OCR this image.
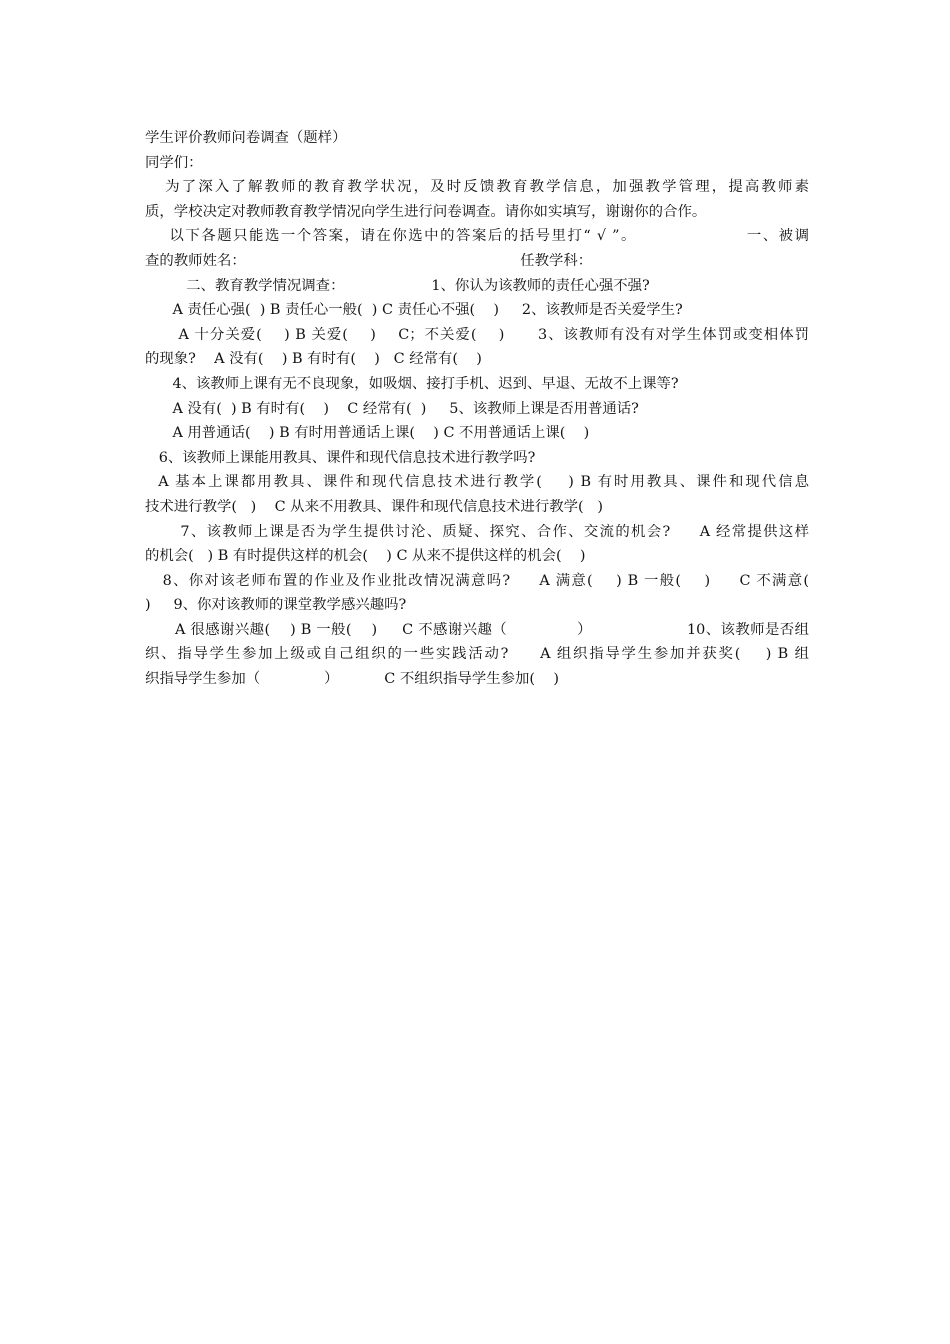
学生评价教师问卷调查（题样）
同学们：
为了深入了解教师的教育教学状况，及时反馈教育教学信息，加强教学管理，提高教师素
质，学校决定对教师教育教学情况向学生进行问卷调查。请你如实填写，谢谢你的合作。
以下各题只能选一个答案，请在你选中的答案后的括号里打“ √ ”。                  一、被调
查的教师姓名：                                                            任教学科：
二、教育教学情况调查：                   1、你认为该教师的责任心强不强?
A 责任心强(  ) B 责任心一般(  ) C 责任心不强(    )     2、该教师是否关爱学生?
A 十分关爱(    ) B 关爱(    )    C；不关爱(    )      3、该教师有没有对学生体罚或变相体罚
的现象?    A 没有(    ) B 有时有(    )   C 经常有(    )
4、该教师上课有无不良现象，如吸烟、接打手机、迟到、早退、无故不上课等?
A 没有(  ) B 有时有(    )    C 经常有(  )     5、该教师上课是否用普通话?
A 用普通话(    ) B 有时用普通话上课(    ) C 不用普通话上课(    )
6、该教师上课能用教具、课件和现代信息技术进行教学吗?
A 基本上课都用教具、课件和现代信息技术进行教学(    ) B 有时用教具、课件和现代信息
技术进行教学(   )    C 从来不用教具、课件和现代信息技术进行教学(   )
7、该教师上课是否为学生提供讨沦、质疑、探究、合作、交流的机会?     A 经常提供这样
的机会(   ) B 有时提供这样的机会(    ) C 从来不提供这样的机会(    )
8、你对该老师布置的作业及作业批改情况满意吗?     A 满意(    ) B 一般(    )     C 不满意(
)     9、你对该教师的课堂教学感兴趣吗?
A 很感谢兴趣(    ) B 一般(    )     C 不感谢兴趣（              ）                   10、该教师是否组
织、指导学生参加上级或自己组织的一些实践活动?     A 组织指导学生参加并获奖(    ) B 组
织指导学生参加（              ）          C 不组织指导学生参加(    )
